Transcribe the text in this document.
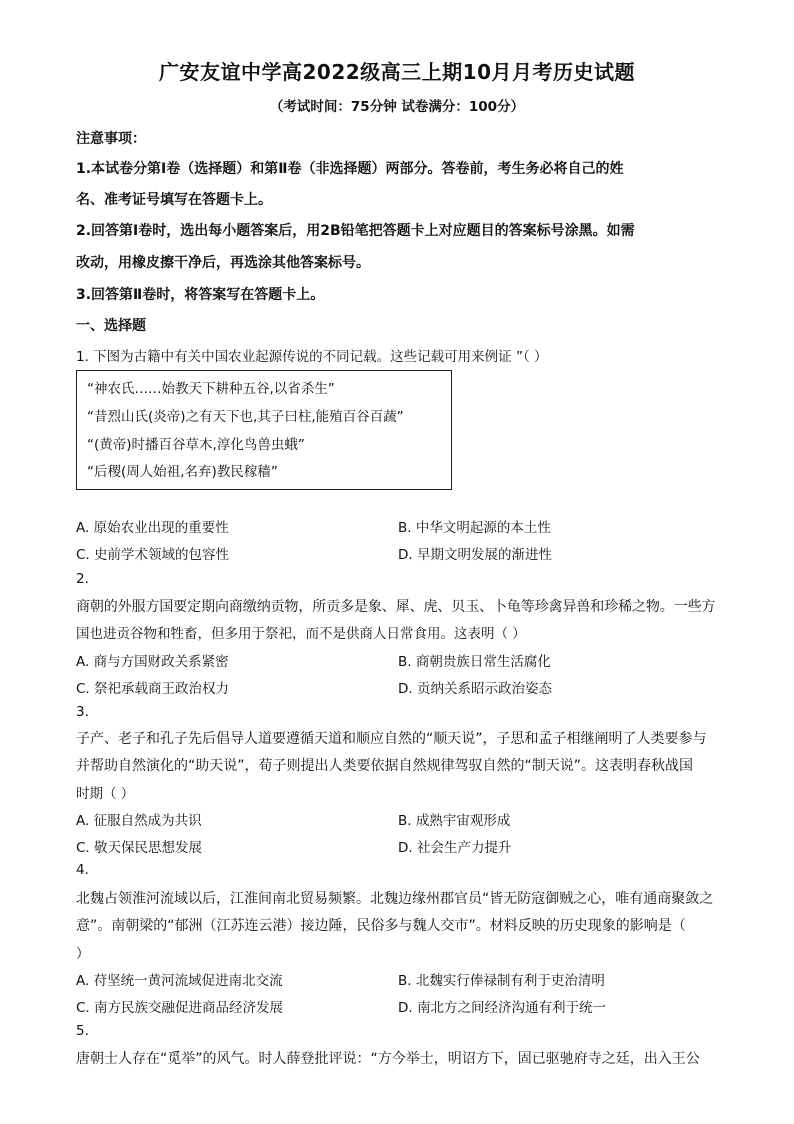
广安友谊中学高2022级高三上期10月月考历史试题
（考试时间：75分钟 试卷满分：100分）
注意事项：
1.本试卷分第Ⅰ卷（选择题）和第Ⅱ卷（非选择题）两部分。答卷前，考生务必将自己的姓
名、准考证号填写在答题卡上。
2.回答第Ⅰ卷时，选出每小题答案后，用2B铅笔把答题卡上对应题目的答案标号涂黑。如需
改动，用橡皮擦干净后，再选涂其他答案标号。
3.回答第Ⅱ卷时，将答案写在答题卡上。
一、选择题
1. 下图为古籍中有关中国农业起源传说的不同记载。这些记载可用来例证 ”（ ）
“神农氏……始教天下耕种五谷,以省杀生”
“昔烈山氏(炎帝)之有天下也,其子曰柱,能殖百谷百蔬”
“(黄帝)时播百谷草木,淳化鸟兽虫蛾”
“后稷(周人始祖,名弃)教民稼穑”
A. 原始农业出现的重要性	B. 中华文明起源的本土性
C. 史前学术领域的包容性	D. 早期文明发展的渐进性
2.
商朝的外服方国要定期向商缴纳贡物，所贡多是象、犀、虎、贝玉、卜龟等珍禽异兽和珍稀之物。一些方
国也进贡谷物和牲畜，但多用于祭祀，而不是供商人日常食用。这表明（ ）
A. 商与方国财政关系紧密	B. 商朝贵族日常生活腐化
C. 祭祀承载商王政治权力	D. 贡纳关系昭示政治姿态
3.
子产、老子和孔子先后倡导人道要遵循天道和顺应自然的“顺天说”，子思和孟子相继阐明了人类要参与
并帮助自然演化的“助天说”，荀子则提出人类要依据自然规律驾驭自然的“制天说”。这表明春秋战国
时期（ ）
A. 征服自然成为共识	B. 成熟宇宙观形成
C. 敬天保民思想发展	D. 社会生产力提升
4.
北魏占领淮河流域以后，江淮间南北贸易频繁。北魏边缘州郡官员“皆无防寇御贼之心，唯有通商聚敛之
意”。南朝梁的“郁洲（江苏连云港）接边陲，民俗多与魏人交市”。材料反映的历史现象的影响是（
）
A. 苻坚统一黄河流域促进南北交流	B. 北魏实行俸禄制有利于吏治清明
C. 南方民族交融促进商品经济发展	D. 南北方之间经济沟通有利于统一
5.
唐朝士人存在“觅举”的风气。时人薛登批评说：“方今举士，明诏方下，固已驱驰府寺之廷，出入王公
